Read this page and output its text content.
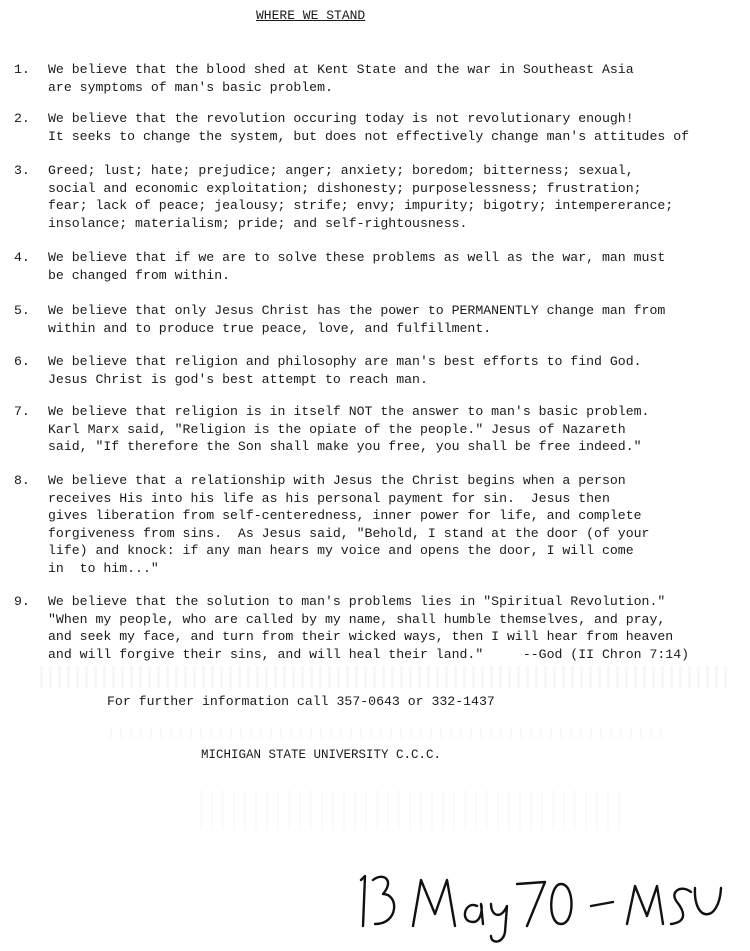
WHERE WE STAND
1.	We believe that the blood shed at Kent State and the war in Southeast Asia
are symptoms of man's basic problem.
2.	We believe that the revolution occuring today is not revolutionary enough!
It seeks to change the system, but does not effectively change man's attitudes of
3.	Greed; lust; hate; prejudice; anger; anxiety; boredom; bitterness; sexual,
social and economic exploitation; dishonesty; purposelessness; frustration;
fear; lack of peace; jealousy; strife; envy; impurity; bigotry; intempererance;
insolance; materialism; pride; and self-rightousness.
4.	We believe that if we are to solve these problems as well as the war, man must
be changed from within.
5.	We believe that only Jesus Christ has the power to PERMANENTLY change man from
within and to produce true peace, love, and fulfillment.
6.	We believe that religion and philosophy are man's best efforts to find God.
Jesus Christ is god's best attempt to reach man.
7.	We believe that religion is in itself NOT the answer to man's basic problem.
Karl Marx said, "Religion is the opiate of the people." Jesus of Nazareth
said, "If therefore the Son shall make you free, you shall be free indeed."
8.	We believe that a relationship with Jesus the Christ begins when a person
receives His into his life as his personal payment for sin.  Jesus then
gives liberation from self-centeredness, inner power for life, and complete
forgiveness from sins.  As Jesus said, "Behold, I stand at the door (of your
life) and knock: if any man hears my voice and opens the door, I will come
in  to him..."
9.	We believe that the solution to man's problems lies in "Spiritual Revolution."
"When my people, who are called by my name, shall humble themselves, and pray,
and seek my face, and turn from their wicked ways, then I will hear from heaven
and will forgive their sins, and will heal their land."     --God (II Chron 7:14)
For further information call 357-0643 or 332-1437
MICHIGAN STATE UNIVERSITY C.C.C.
